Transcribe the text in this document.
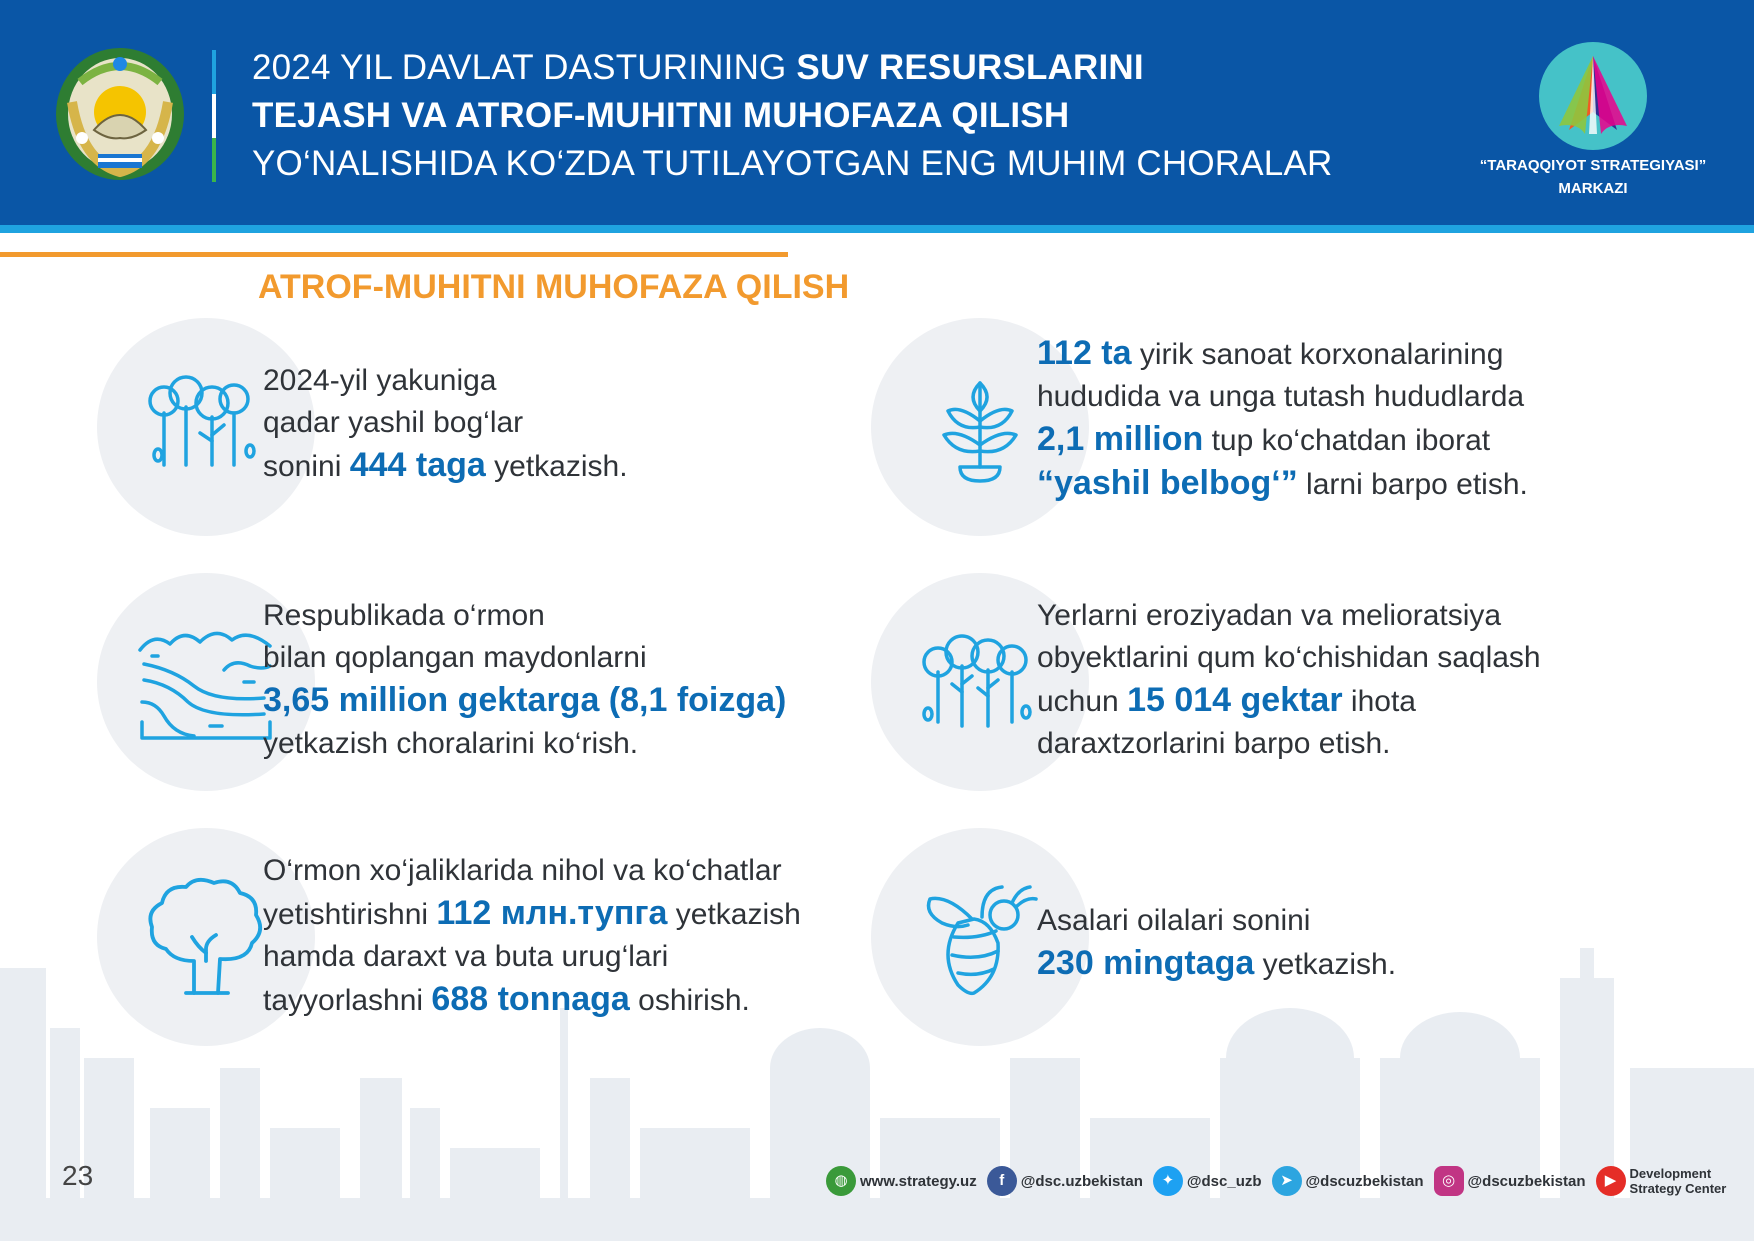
2024 YIL DAVLAT DASTURINING SUV RESURSLARINI
TEJASH VA ATROF-MUHITNI MUHOFAZA QILISH
YO‘NALISHIDA KO‘ZDA TUTILAYOTGAN ENG MUHIM CHORALAR	“TARAQQIYOT STRATEGIYASI”
MARKAZI
ATROF-MUHITNI MUHOFAZA QILISH
2024-yil yakuniga
qadar yashil bog‘lar
sonini 444 taga yetkazish.
112 ta yirik sanoat korxonalarining
hududida va unga tutash hududlarda
2,1 million tup ko‘chatdan iborat
“yashil belbog‘” larni barpo etish.
Respublikada o‘rmon
bilan qoplangan maydonlarni
3,65 million gektarga (8,1 foizga)
yetkazish choralarini ko‘rish.
Yerlarni eroziyadan va melioratsiya
obyektlarini qum ko‘chishidan saqlash
uchun 15 014 gektar ihota
daraxtzorlarini barpo etish.
O‘rmon xo‘jaliklarida nihol va ko‘chatlar
yetishtirishni 112 млн.тупга yetkazish
hamda daraxt va buta urug‘lari
tayyorlashni 688 tonnaga oshirish.
Asalari oilalari sonini
230 mingtaga yetkazish.
23	◍ www.strategy.uz	f	@dsc.uzbekistan	✦ @dsc_uzb	➤ @dscuzbekistan	◎ @dscuzbekistan	▶	Development
Strategy Center
